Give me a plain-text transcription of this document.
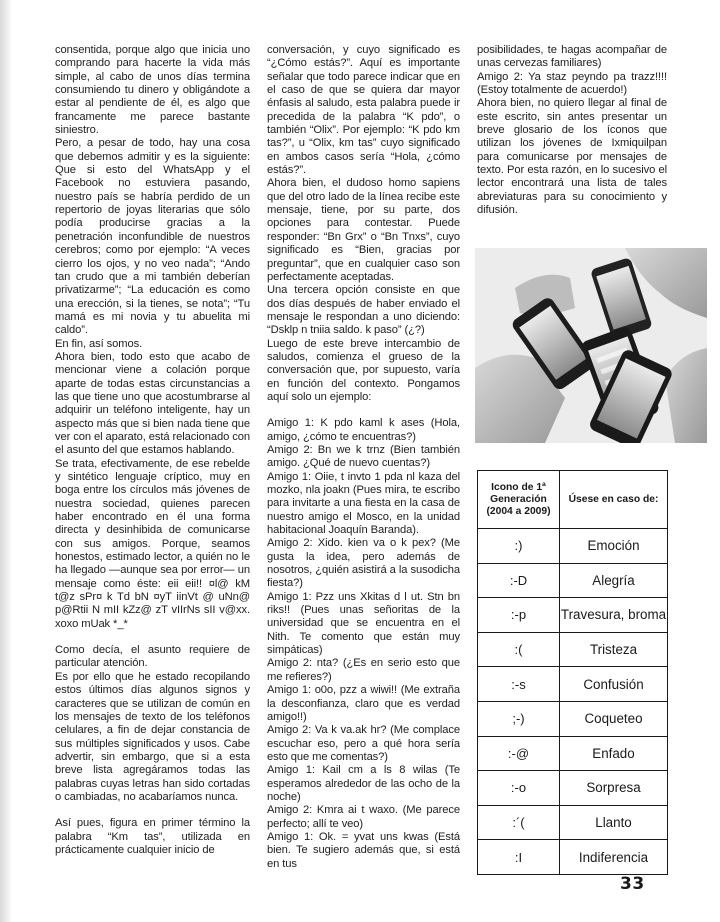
consentida, porque algo que inicia uno comprando para hacerte la vida más simple, al cabo de unos días termina consumiendo tu dinero y obligándote a estar al pendiente de él, es algo que francamente me parece bastante siniestro.

Pero, a pesar de todo, hay una cosa que debemos admitir y es la siguiente: Que si esto del WhatsApp y el Facebook no estuviera pasando, nuestro país se habría perdido de un repertorio de joyas literarias que sólo podía producirse gracias a la penetración inconfundible de nuestros cerebros; como por ejemplo: “A veces cierro los ojos, y no veo nada”; “Ando tan crudo que a mi también deberían privatizarme”; “La educación es como una erección, si la tienes, se nota”; “Tu mamá es mi novia y tu abuelita mi caldo”.

En fin, así somos.

Ahora bien, todo esto que acabo de mencionar viene a colación porque aparte de todas estas circunstancias a las que tiene uno que acostumbrarse al adquirir un teléfono inteligente, hay un aspecto más que si bien nada tiene que ver con el aparato, está relacionado con el asunto del que estamos hablando.

Se trata, efectivamente, de ese rebelde y sintético lenguaje críptico, muy en boga entre los círculos más jóvenes de nuestra sociedad, quienes parecen haber encontrado en él una forma directa y desinhibida de comunicarse con sus amigos. Porque, seamos honestos, estimado lector, a quién no le ha llegado —aunque sea por error— un mensaje como éste: eii eii!! ¤l@ kM t@z sPr¤ k Td bN ¤yT iinVt @ uNn@ p@Rtii N mII kZz@ zT vIIrNs sII v@xx. xoxo mUak *_*

Como decía, el asunto requiere de particular atención.

Es por ello que he estado recopilando estos últimos días algunos signos y caracteres que se utilizan de común en los mensajes de texto de los teléfonos celulares, a fin de dejar constancia de sus múltiples significados y usos. Cabe advertir, sin embargo, que si a esta breve lista agregáramos todas las palabras cuyas letras han sido cortadas o cambiadas, no acabaríamos nunca.

Así pues, figura en primer término la palabra “Km tas”, utilizada en prácticamente cualquier inicio de

conversación, y cuyo significado es “¿Cómo estás?”. Aquí es importante señalar que todo parece indicar que en el caso de que se quiera dar mayor énfasis al saludo, esta palabra puede ir precedida de la palabra “K pdo”, o también “Olix”. Por ejemplo: “K pdo km tas?”, u “Olix, km tas” cuyo significado en ambos casos sería “Hola, ¿cómo estás?”.

Ahora bien, el dudoso homo sapiens que del otro lado de la línea recibe este mensaje, tiene, por su parte, dos opciones para contestar. Puede responder: “Bn Grx” o “Bn Tnxs”, cuyo significado es “Bien, gracias por preguntar”, que en cualquier caso son perfectamente aceptadas.

Una tercera opción consiste en que dos días después de haber enviado el mensaje le respondan a uno diciendo: “Dsklp n tniia saldo. k paso” (¿?)

Luego de este breve intercambio de saludos, comienza el grueso de la conversación que, por supuesto, varía en función del contexto. Pongamos aquí solo un ejemplo:

Amigo 1: K pdo kaml k ases (Hola, amigo, ¿cómo te encuentras?)

Amigo 2: Bn we k trnz (Bien también amigo. ¿Qué de nuevo cuentas?)

Amigo 1: Oiie, t invto 1 pda nl kaza del mozko, nla joakn (Pues mira, te escribo para invitarte a una fiesta en la casa de nuestro amigo el Mosco, en la unidad habitacional Joaquín Baranda).

Amigo 2: Xido. kien va o k pex? (Me gusta la idea, pero además de nosotros, ¿quién asistirá a la susodicha fiesta?)

Amigo 1: Pzz uns Xkitas d l ut. Stn bn riks!! (Pues unas señoritas de la universidad que se encuentra en el Nith. Te comento que están muy simpáticas)

Amigo 2: nta? (¿Es en serio esto que me refieres?)

Amigo 1: o0o, pzz a wiwi!! (Me extraña la desconfianza, claro que es verdad amigo!!)

Amigo 2: Va k va.ak hr? (Me complace escuchar eso, pero a qué hora sería esto que me comentas?)

Amigo 1: Kail cm a ls 8 wilas (Te esperamos alrededor de las ocho de la noche)

Amigo 2: Kmra ai t waxo. (Me parece perfecto; allí te veo)

Amigo 1: Ok. = yvat uns kwas (Está bien. Te sugiero además que, si está en tus

posibilidades, te hagas acompañar de unas cervezas familiares)

Amigo 2: Ya staz peyndo pa trazz!!!! (Estoy totalmente de acuerdo!)

Ahora bien, no quiero llegar al final de este escrito, sin antes presentar un breve glosario de los íconos que utilizan los jóvenes de Ixmiquilpan para comunicarse por mensajes de texto. Por esta razón, en lo sucesivo el lector encontrará una lista de tales abreviaturas para su conocimiento y difusión.

Icono de 1ª Generación (2004 a 2009)	Úsese en caso de:
:)	Emoción
:-D	Alegría
:-p	Travesura, broma
:(	Tristeza
:-s	Confusión
;-)	Coqueteo
:-@	Enfado
:-o	Sorpresa
:´(	Llanto
:I	Indiferencia
33
